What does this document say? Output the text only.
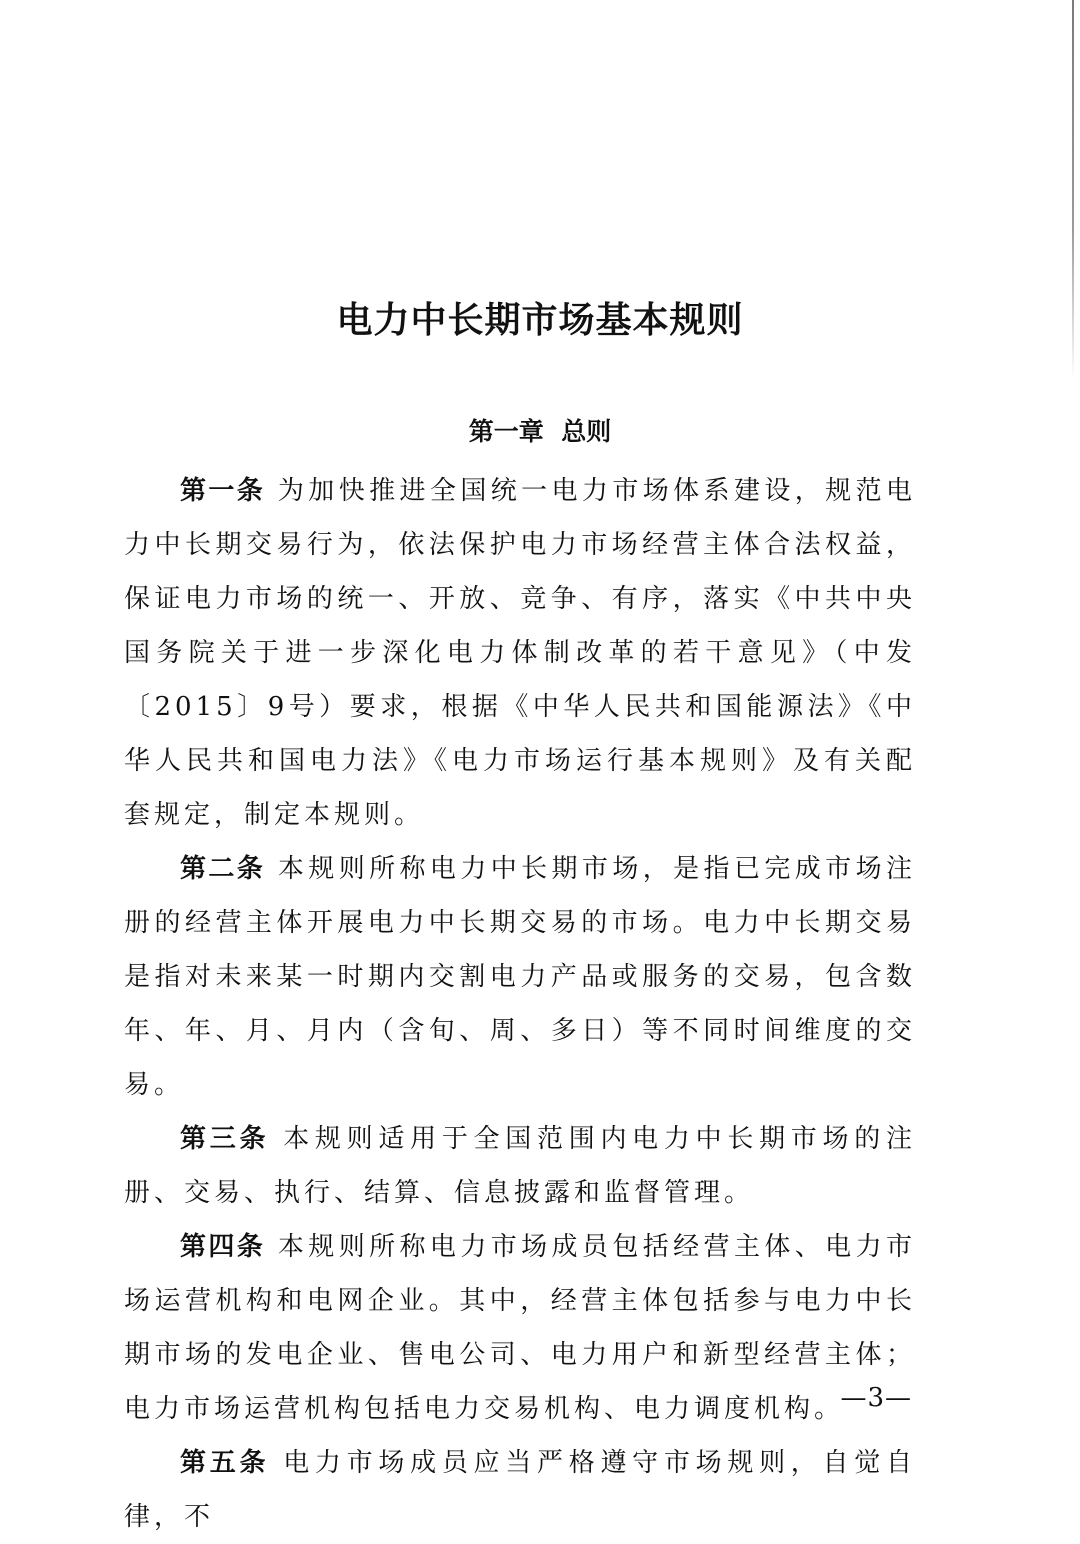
电力中长期市场基本规则
第一章  总则

第一条 为加快推进全国统一电力市场体系建设，规范电力中长期交易行为，依法保护电力市场经营主体合法权益，保证电力市场的统一、开放、竞争、有序，落实《中共中央 国务院关于进一步深化电力体制改革的若干意见》（中发〔2015〕9号）要求，根据《中华人民共和国能源法》《中华人民共和国电力法》《电力市场运行基本规则》及有关配套规定，制定本规则。

第二条 本规则所称电力中长期市场，是指已完成市场注册的经营主体开展电力中长期交易的市场。电力中长期交易是指对未来某一时期内交割电力产品或服务的交易，包含数年、年、月、月内（含旬、周、多日）等不同时间维度的交易。

第三条 本规则适用于全国范围内电力中长期市场的注册、交易、执行、结算、信息披露和监督管理。

第四条 本规则所称电力市场成员包括经营主体、电力市场运营机构和电网企业。其中，经营主体包括参与电力中长期市场的发电企业、售电公司、电力用户和新型经营主体；电力市场运营机构包括电力交易机构、电力调度机构。

第五条 电力市场成员应当严格遵守市场规则，自觉自律，不

—3—
